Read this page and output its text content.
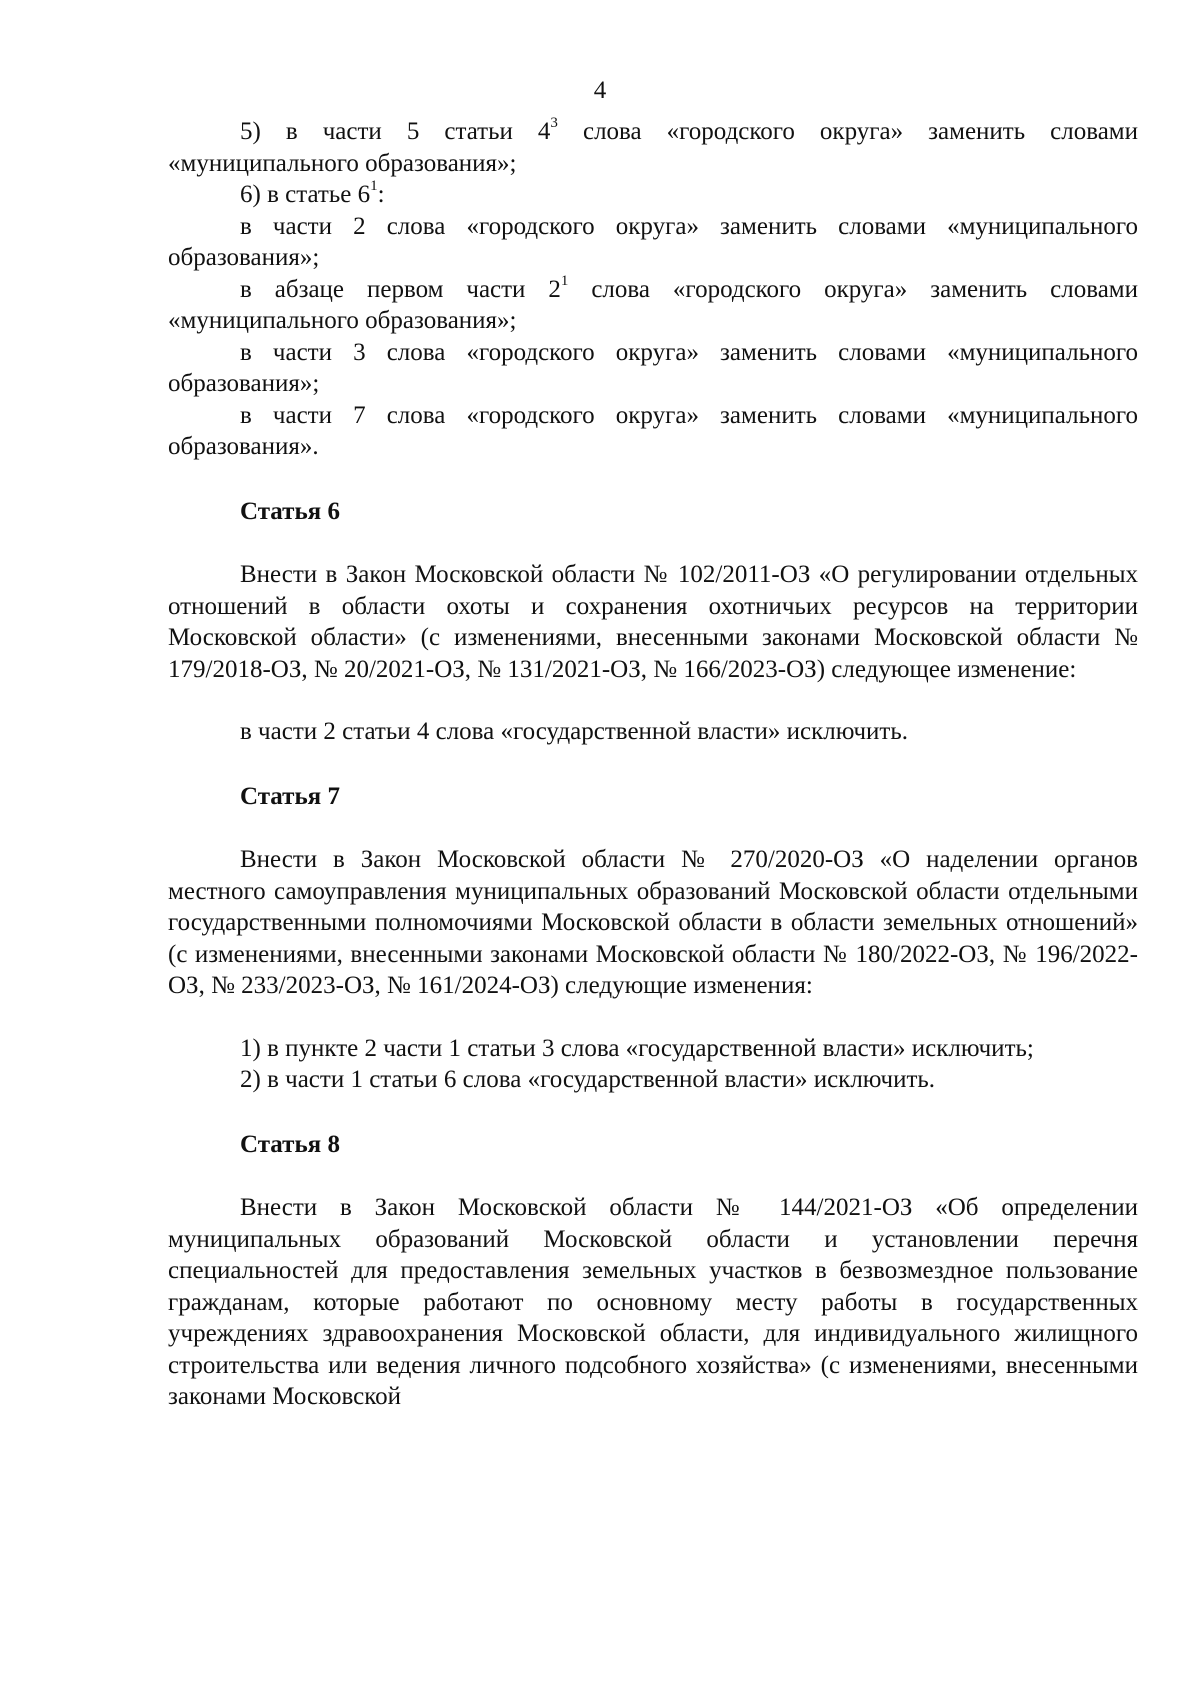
4

5) в части 5 статьи $4^3$ слова «городского округа» заменить словами «муниципального образования»;

6) в статье $6^1$:

в части 2 слова «городского округа» заменить словами «муниципального образования»;

в абзаце первом части $2^1$ слова «городского округа» заменить словами «муниципального образования»;

в части 3 слова «городского округа» заменить словами «муниципального образования»;

в части 7 слова «городского округа» заменить словами «муниципального образования».

Статья 6

Внести в Закон Московской области № 102/2011-ОЗ «О регулировании отдельных отношений в области охоты и сохранения охотничьих ресурсов на территории Московской области» (с изменениями, внесенными законами Московской области № 179/2018-ОЗ, № 20/2021-ОЗ, № 131/2021-ОЗ, № 166/2023-ОЗ) следующее изменение:

в части 2 статьи 4 слова «государственной власти» исключить.

Статья 7

Внести в Закон Московской области № 270/2020-ОЗ «О наделении органов местного самоуправления муниципальных образований Московской области отдельными государственными полномочиями Московской области в области земельных отношений» (с изменениями, внесенными законами Московской области № 180/2022-ОЗ, № 196/2022-ОЗ, № 233/2023-ОЗ, № 161/2024-ОЗ) следующие изменения:

1) в пункте 2 части 1 статьи 3 слова «государственной власти» исключить;

2) в части 1 статьи 6 слова «государственной власти» исключить.

Статья 8

Внести в Закон Московской области № 144/2021-ОЗ «Об определении муниципальных образований Московской области и установлении перечня специальностей для предоставления земельных участков в безвозмездное пользование гражданам, которые работают по основному месту работы в государственных учреждениях здравоохранения Московской области, для индивидуального жилищного строительства или ведения личного подсобного хозяйства» (с изменениями, внесенными законами Московской
